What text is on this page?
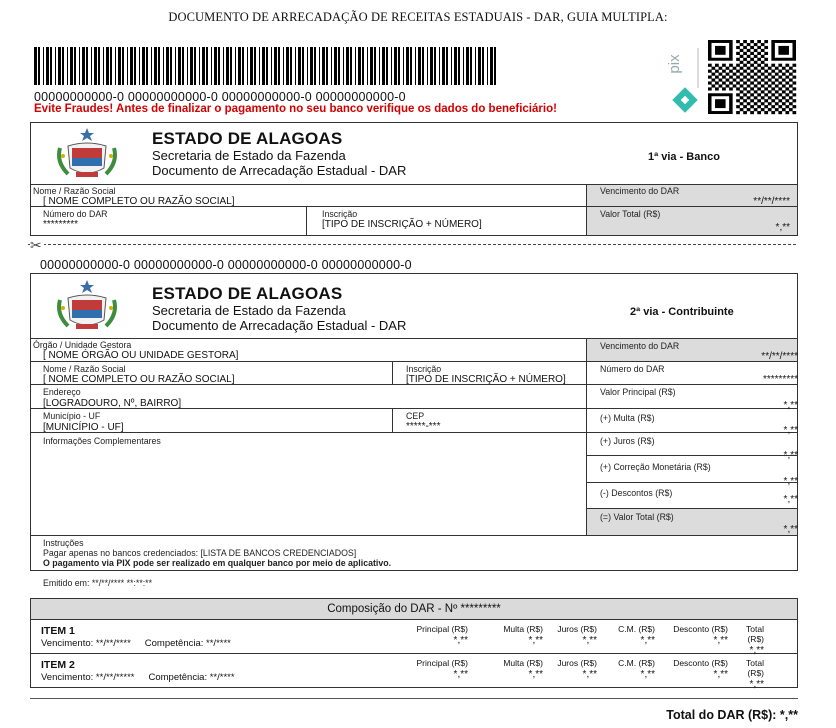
DOCUMENTO DE ARRECADAÇÃO DE RECEITAS ESTADUAIS - DAR, GUIA MULTIPLA:
00000000000-0 00000000000-0 00000000000-0 00000000000-0
Evite Fraudes! Antes de finalizar o pagamento no seu banco verifique os dados do beneficiário!
pix
ESTADO DE ALAGOAS
Secretaria de Estado da Fazenda
Documento de Arrecadação Estadual - DAR
1ª via - Banco
Nome / Razão Social
[ NOME COMPLETO OU RAZÃO SOCIAL]
Vencimento do DAR
**/**/****
Número do DAR
*********
Inscrição
[TIPO DE INSCRIÇÃO + NÚMERO]
Valor Total (R$)
*,**
✂
00000000000-0 00000000000-0 00000000000-0 00000000000-0
ESTADO DE ALAGOAS
Secretaria de Estado da Fazenda
Documento de Arrecadação Estadual - DAR
2ª via - Contribuinte
Órgão / Unidade Gestora
[ NOME ÓRGÃO OU UNIDADE GESTORA]
Vencimento do DAR
**/**/****
Nome / Razão Social
[ NOME COMPLETO OU RAZÃO SOCIAL]
Inscrição
[TIPO DE INSCRIÇÃO + NÚMERO]
Número do DAR
*********
Endereço
[LOGRADOURO, Nº, BAIRRO]
Valor Principal (R$)
*,**
Município - UF
[MUNICÍPIO - UF]
CEP
*****-***
(+) Multa (R$)
*,**
Informações Complementares	(+) Juros (R$)
*,**
(+) Correção Monetária (R$)
*,**
(-) Descontos (R$)
*,**
(=) Valor Total (R$)
*,**
Instruções
Pagar apenas no bancos credenciados: [LISTA DE BANCOS CREDENCIADOS]
O pagamento via PIX pode ser realizado em qualquer banco por meio de aplicativo.
Emitido em: **/**/**** **:**:**
Composição do DAR - Nº *********
ITEM 1
Vencimento: **/**/**** Competência: **/****
Principal (R$)
*,**
Multa (R$)
*,**
Juros (R$)
*,**
C.M. (R$)
*,**
Desconto (R$)
*,**
Total (R$)
*,**
ITEM 2
Vencimento: **/**/***** Competência: **/****
Principal (R$)
*,**
Multa (R$)
*,**
Juros (R$)
*,**
C.M. (R$)
*,**
Desconto (R$)
*,**
Total (R$)
*,**
Total do DAR (R$): *,**
